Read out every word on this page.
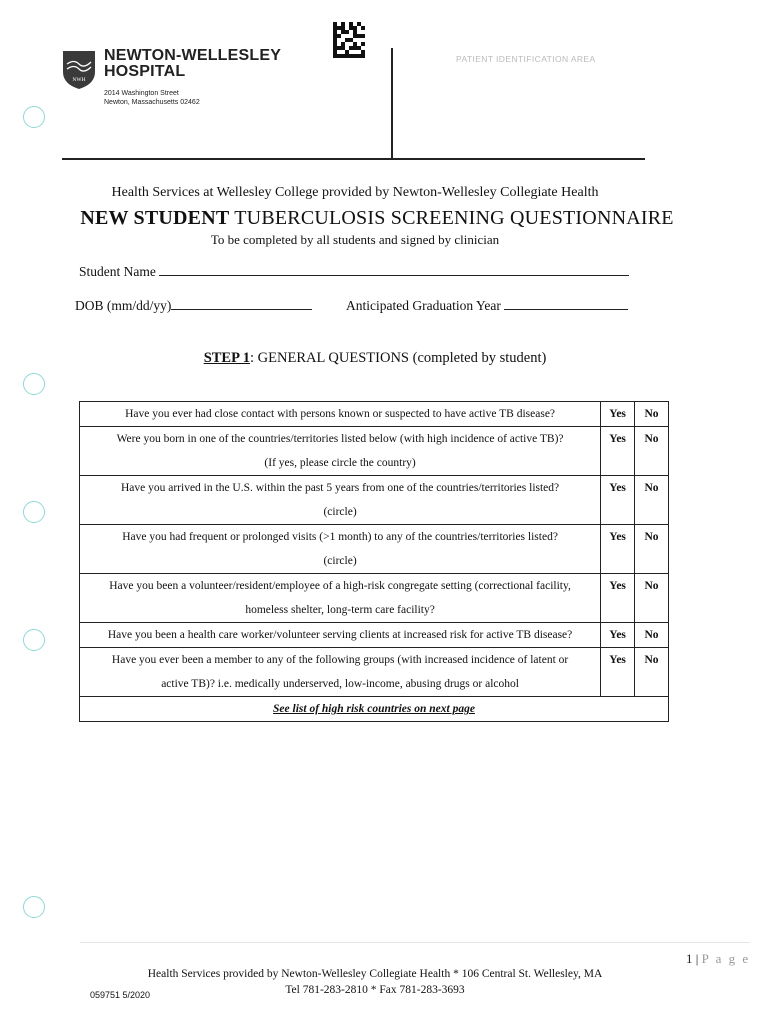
NWH
NEWTON-WELLESLEY
HOSPITAL
2014 Washington Street
Newton, Massachusetts 02462
PATIENT IDENTIFICATION AREA
Health Services at Wellesley College provided by Newton-Wellesley Collegiate Health
NEW STUDENT TUBERCULOSIS SCREENING QUESTIONNAIRE
To be completed by all students and signed by clinician
Student Name
DOB (mm/dd/yy)	Anticipated Graduation Year
STEP 1: GENERAL QUESTIONS (completed by student)
Have you ever had close contact with persons known or suspected to have active TB disease?	Yes	No

Were you born in one of the countries/territories listed below (with high incidence of active TB)?
(If yes, please circle the country)	Yes	No

Have you arrived in the U.S. within the past 5 years from one of the countries/territories listed?
(circle)	Yes	No

Have you had frequent or prolonged visits (>1 month) to any of the countries/territories listed?
(circle)	Yes	No

Have you been a volunteer/resident/employee of a high-risk congregate setting (correctional facility,
homeless shelter, long-term care facility?	Yes	No

Have you been a health care worker/volunteer serving clients at increased risk for active TB disease?	Yes	No

Have you ever been a member to any of the following groups (with increased incidence of latent or
active TB)? i.e. medically underserved, low-income, abusing drugs or alcohol	Yes	No
See list of high risk countries on next page		
1 | P a g e
Health Services provided by Newton-Wellesley Collegiate Health * 106 Central St. Wellesley, MA
Tel 781-283-2810 * Fax 781-283-3693
059751 5/2020
